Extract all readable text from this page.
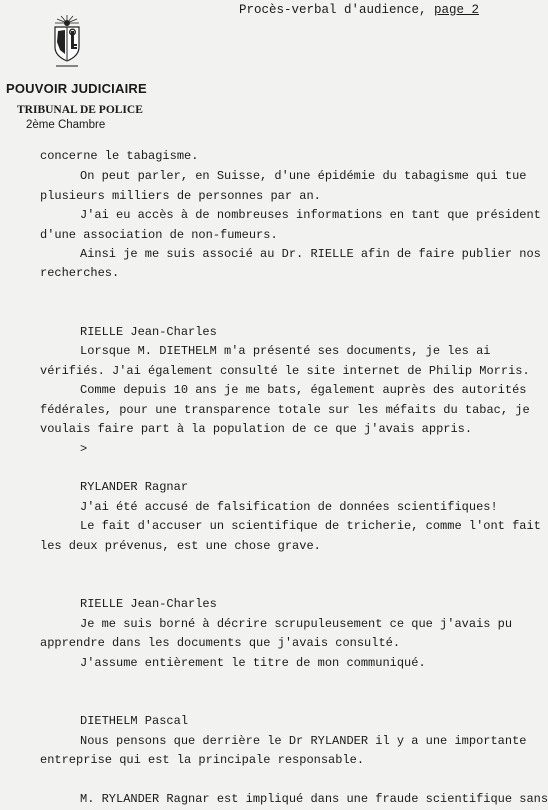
Procès-verbal d'audience, page 2
POUVOIR JUDICIAIRE
TRIBUNAL DE POLICE
2ème Chambre
concerne le tabagisme.
On peut parler, en Suisse, d'une épidémie du tabagisme qui tue
plusieurs milliers de personnes par an.
J'ai eu accès à de nombreuses informations en tant que président
d'une association de non-fumeurs.
Ainsi je me suis associé au Dr. RIELLE afin de faire publier nos
recherches.
RIELLE Jean-Charles
Lorsque M. DIETHELM m'a présenté ses documents, je les ai
vérifiés. J'ai également consulté le site internet de Philip Morris.
Comme depuis 10 ans je me bats, également auprès des autorités
fédérales, pour une transparence totale sur les méfaits du tabac, je
voulais faire part à la population de ce que j'avais appris.
>
RYLANDER Ragnar
J'ai été accusé de falsification de données scientifiques!
Le fait d'accuser un scientifique de tricherie, comme l'ont fait
les deux prévenus, est une chose grave.
RIELLE Jean-Charles
Je me suis borné à décrire scrupuleusement ce que j'avais pu
apprendre dans les documents que j'avais consulté.
J'assume entièrement le titre de mon communiqué.
DIETHELM Pascal
Nous pensons que derrière le Dr RYLANDER il y a une importante
entreprise qui est la principale responsable.
M. RYLANDER Ragnar est impliqué dans une fraude scientifique sans
